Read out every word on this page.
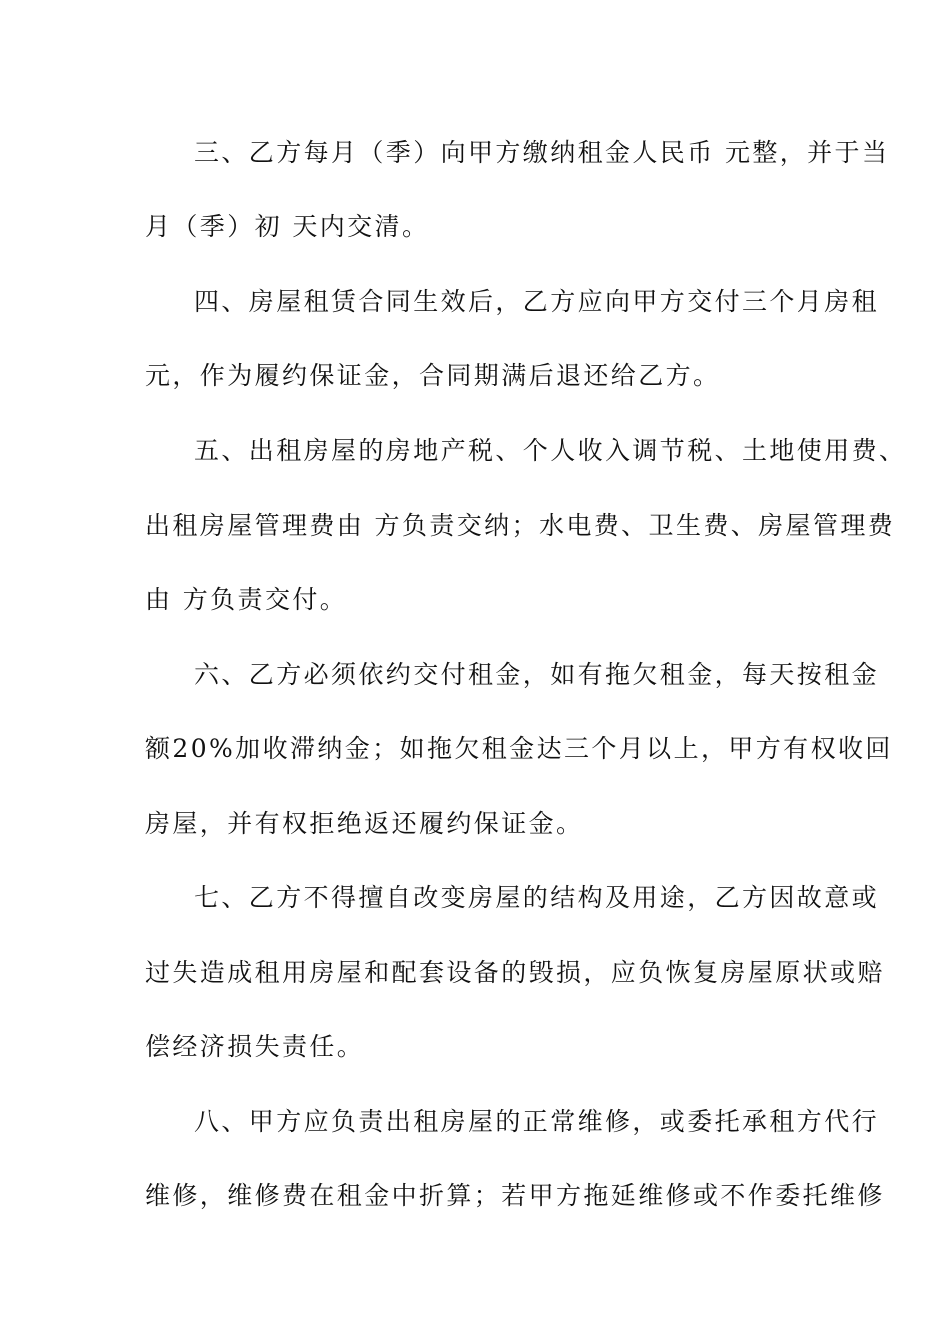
三、乙方每月（季）向甲方缴纳租金人民币 元整，并于当
月（季）初 天内交清。
四、房屋租赁合同生效后，乙方应向甲方交付三个月房租
元，作为履约保证金，合同期满后退还给乙方。
五、出租房屋的房地产税、个人收入调节税、土地使用费、
出租房屋管理费由 方负责交纳；水电费、卫生费、房屋管理费
由 方负责交付。
六、乙方必须依约交付租金，如有拖欠租金，每天按租金
额20%加收滞纳金；如拖欠租金达三个月以上，甲方有权收回
房屋，并有权拒绝返还履约保证金。
七、乙方不得擅自改变房屋的结构及用途，乙方因故意或
过失造成租用房屋和配套设备的毁损，应负恢复房屋原状或赔
偿经济损失责任。
八、甲方应负责出租房屋的正常维修，或委托承租方代行
维修，维修费在租金中折算；若甲方拖延维修或不作委托维修
